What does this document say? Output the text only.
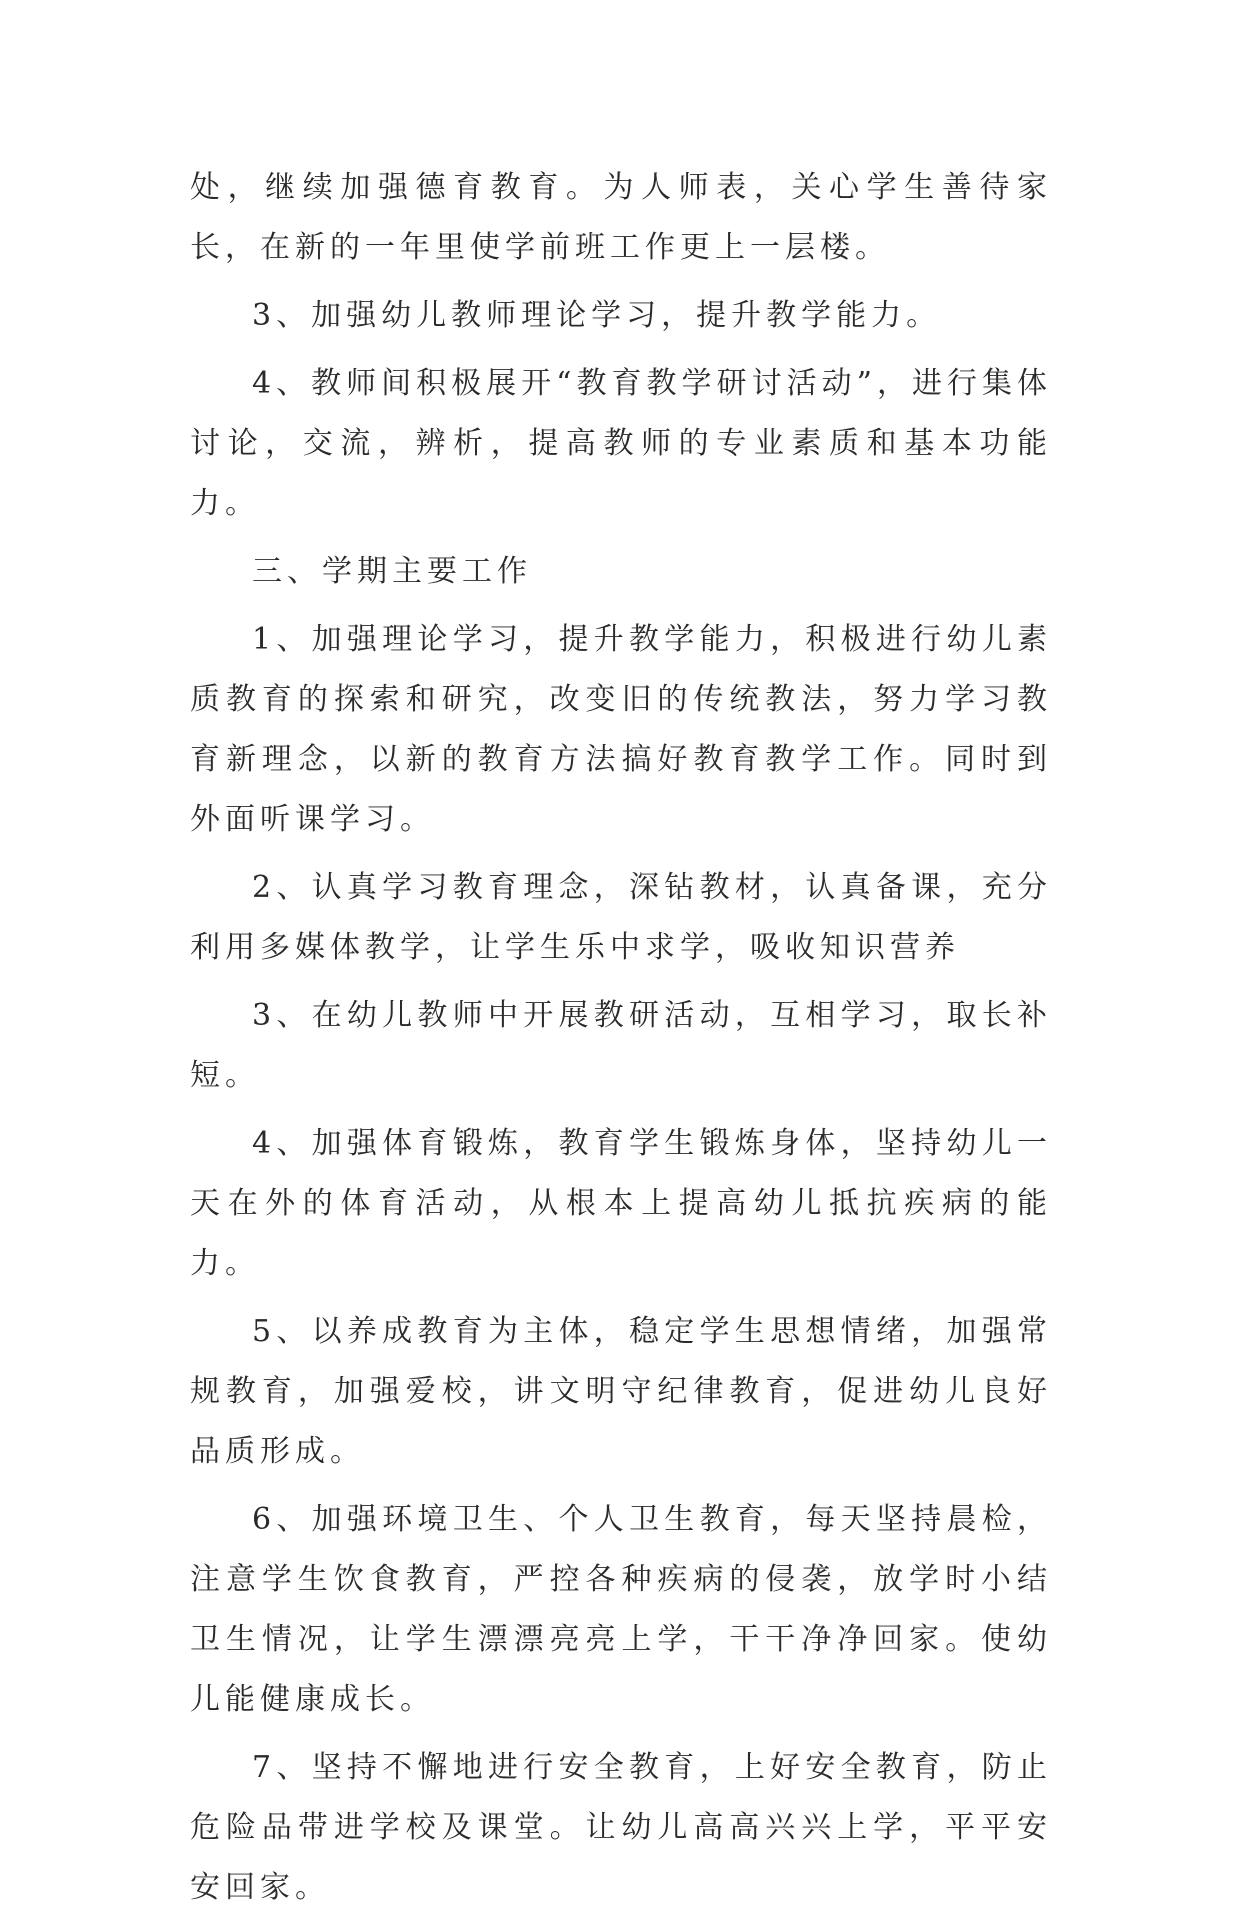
处，继续加强德育教育。为人师表，关心学生善待家长，在新的一年里使学前班工作更上一层楼。

3、加强幼儿教师理论学习，提升教学能力。

4、教师间积极展开“教育教学研讨活动”，进行集体讨论，交流，辨析，提高教师的专业素质和基本功能力。

三、学期主要工作

1、加强理论学习，提升教学能力，积极进行幼儿素质教育的探索和研究，改变旧的传统教法，努力学习教育新理念，以新的教育方法搞好教育教学工作。同时到外面听课学习。

2、认真学习教育理念，深钻教材，认真备课，充分利用多媒体教学，让学生乐中求学，吸收知识营养

3、在幼儿教师中开展教研活动，互相学习，取长补短。

4、加强体育锻炼，教育学生锻炼身体，坚持幼儿一天在外的体育活动，从根本上提高幼儿抵抗疾病的能力。

5、以养成教育为主体，稳定学生思想情绪，加强常规教育，加强爱校，讲文明守纪律教育，促进幼儿良好品质形成。

6、加强环境卫生、个人卫生教育，每天坚持晨检，注意学生饮食教育，严控各种疾病的侵袭，放学时小结卫生情况，让学生漂漂亮亮上学，干干净净回家。使幼儿能健康成长。

7、坚持不懈地进行安全教育，上好安全教育，防止危险品带进学校及课堂。让幼儿高高兴兴上学，平平安安回家。
